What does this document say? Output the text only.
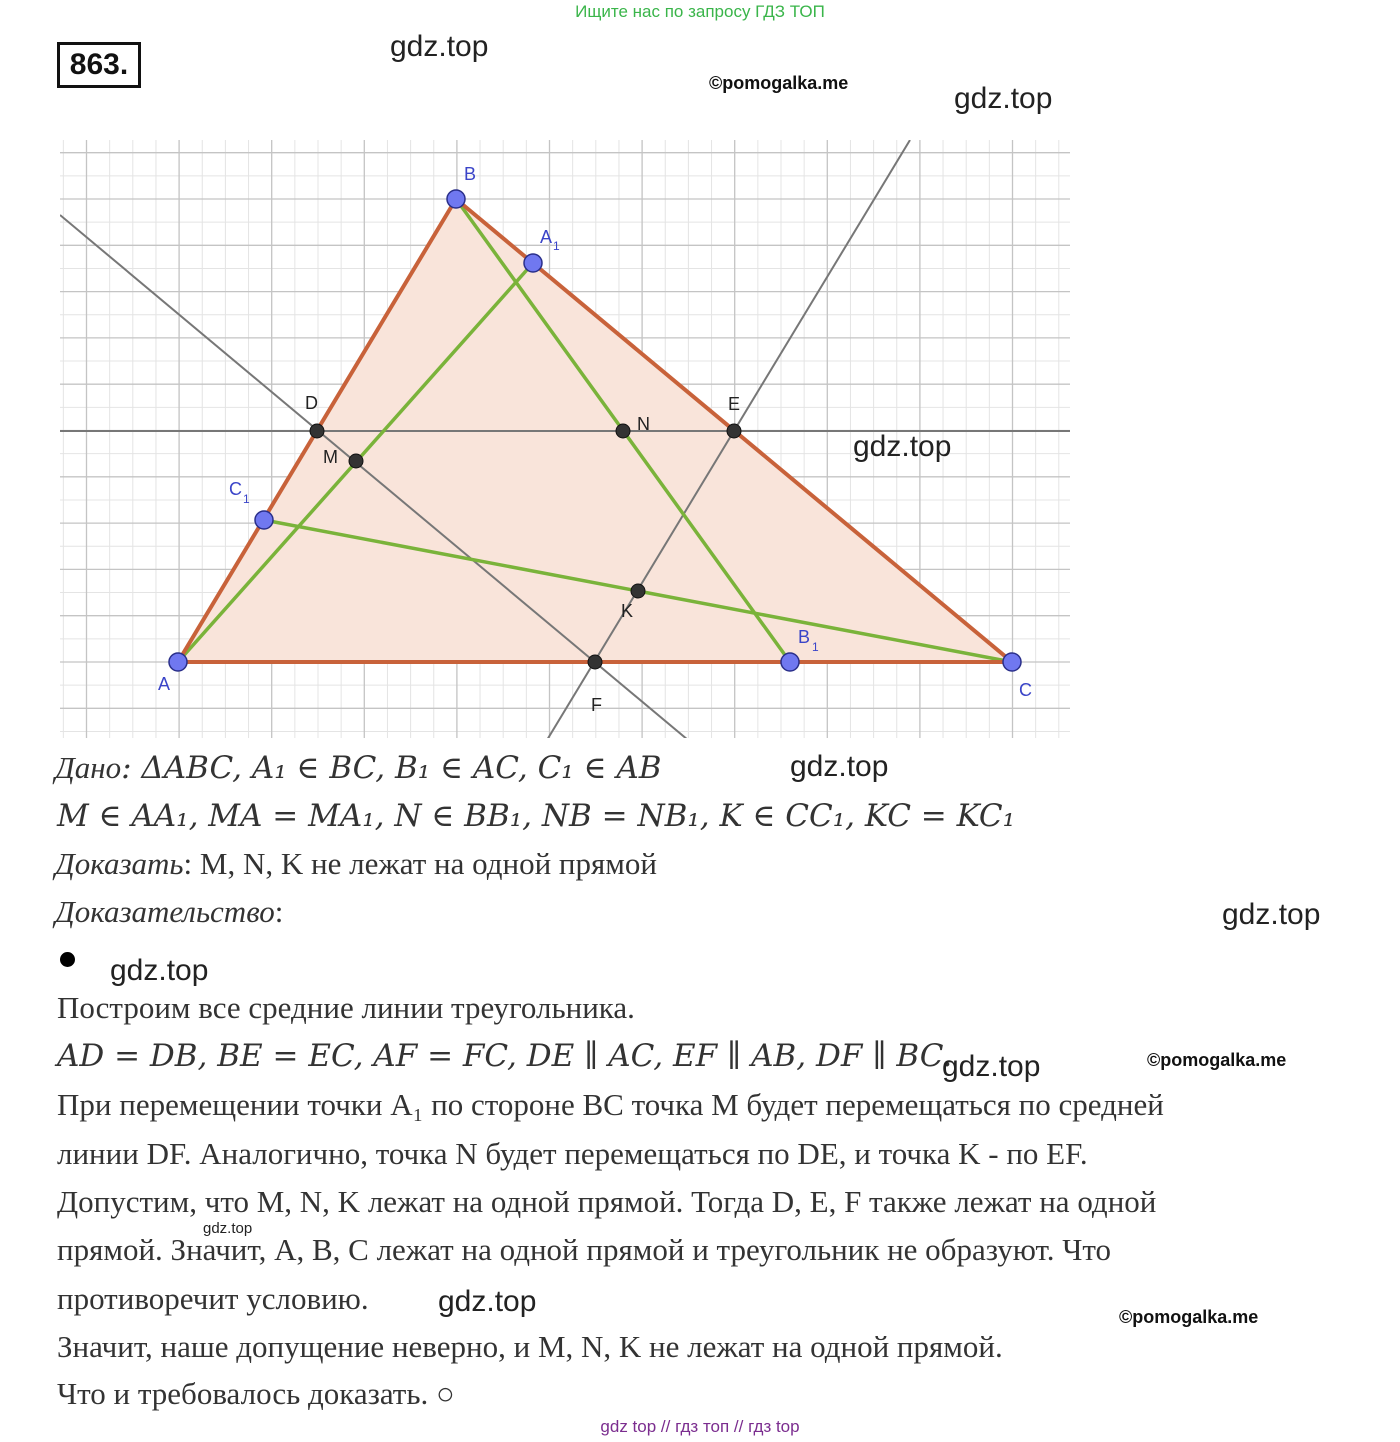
Ищите нас по запросу ГДЗ ТОП
863.
gdz.top
©pomogalka.me	gdz.top
B
A 1
D	E
N
M
C 1
K
B 1
A	C
F
gdz.top
Дано: ΔABC, A₁ ∈ BC, B₁ ∈ AC, C₁ ∈ AB	gdz.top
M ∈ AA₁, MA = MA₁, N ∈ BB₁, NB = NB₁, K ∈ CC₁, KC = KC₁
Доказать: M, N, K не лежат на одной прямой
Доказательство:	gdz.top
gdz.top
Построим все средние линии треугольника.
AD = DB, BE = EC, AF = FC, DE ∥ AC, EF ∥ AB, DF ∥ BC.
gdz.top	©pomogalka.me
При перемещении точки A₁ по стороне BC точка M будет перемещаться по средней
линии DF. Аналогично, точка N будет перемещаться по DE, и точка K - по EF.
Допустим, что M, N, K лежат на одной прямой. Тогда D, E, F также лежат на одной
gdz.top
прямой. Значит, A, B, C лежат на одной прямой и треугольник не образуют. Что
противоречит условию. gdz.top	©pomogalka.me
Значит, наше допущение неверно, и M, N, K не лежат на одной прямой.
Что и требовалось доказать. ○
gdz top // гдз топ // гдз top
